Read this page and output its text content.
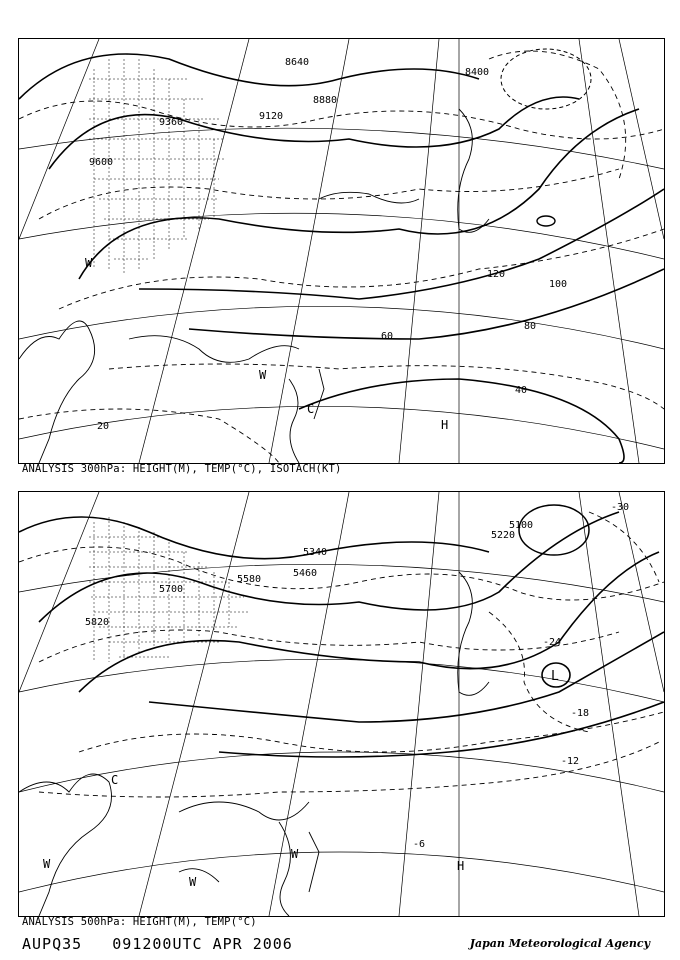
9600
9360
9120
8880
8640
8400
120
100
80
60
40
20	H
C
W
W
ANALYSIS 300hPa: HEIGHT(M), TEMP(°C), ISOTACH(KT)
5820
5700
5580
5460
5340
5220
5100
-30
-24
-18
-12
-6
L
H
C
W
W
W
ANALYSIS 500hPa: HEIGHT(M), TEMP(°C)
AUPQ35 091200UTC APR 2006	Japan Meteorological Agency
